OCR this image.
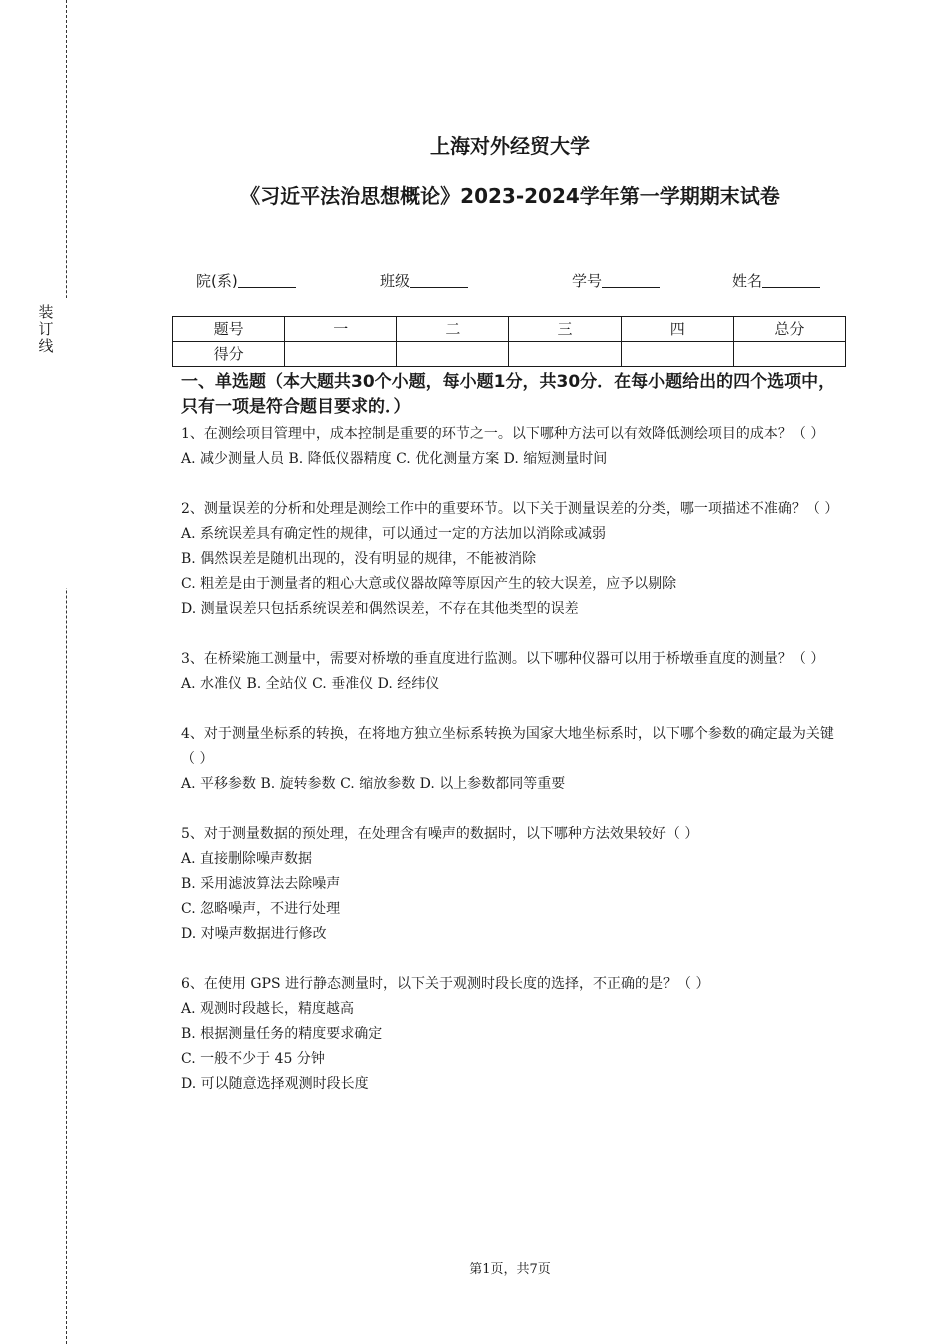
装
订
线
上海对外经贸大学
《习近平法治思想概论》2023-2024学年第一学期期末试卷
院(系)	班级	学号	姓名
题号	一	二	三	四	总分
得分					

一、单选题（本大题共30个小题，每小题1分，共30分．在每小题给出的四个选项中，只有一项是符合题目要求的．）

1、在测绘项目管理中，成本控制是重要的环节之一。以下哪种方法可以有效降低测绘项目的成本？（ ）

A. 减少测量人员 B. 降低仪器精度 C. 优化测量方案 D. 缩短测量时间

2、测量误差的分析和处理是测绘工作中的重要环节。以下关于测量误差的分类，哪一项描述不准确？（ ）

A. 系统误差具有确定性的规律，可以通过一定的方法加以消除或减弱

B. 偶然误差是随机出现的，没有明显的规律，不能被消除

C. 粗差是由于测量者的粗心大意或仪器故障等原因产生的较大误差，应予以剔除

D. 测量误差只包括系统误差和偶然误差，不存在其他类型的误差

3、在桥梁施工测量中，需要对桥墩的垂直度进行监测。以下哪种仪器可以用于桥墩垂直度的测量？（ ）

A. 水准仪 B. 全站仪 C. 垂准仪 D. 经纬仪

4、对于测量坐标系的转换，在将地方独立坐标系转换为国家大地坐标系时，以下哪个参数的确定最为关键（ ）

A. 平移参数 B. 旋转参数 C. 缩放参数 D. 以上参数都同等重要

5、对于测量数据的预处理，在处理含有噪声的数据时，以下哪种方法效果较好（ ）

A. 直接删除噪声数据

B. 采用滤波算法去除噪声

C. 忽略噪声，不进行处理

D. 对噪声数据进行修改

6、在使用 GPS 进行静态测量时，以下关于观测时段长度的选择，不正确的是？（ ）

A. 观测时段越长，精度越高

B. 根据测量任务的精度要求确定

C. 一般不少于 45 分钟

D. 可以随意选择观测时段长度

第1页，共7页
